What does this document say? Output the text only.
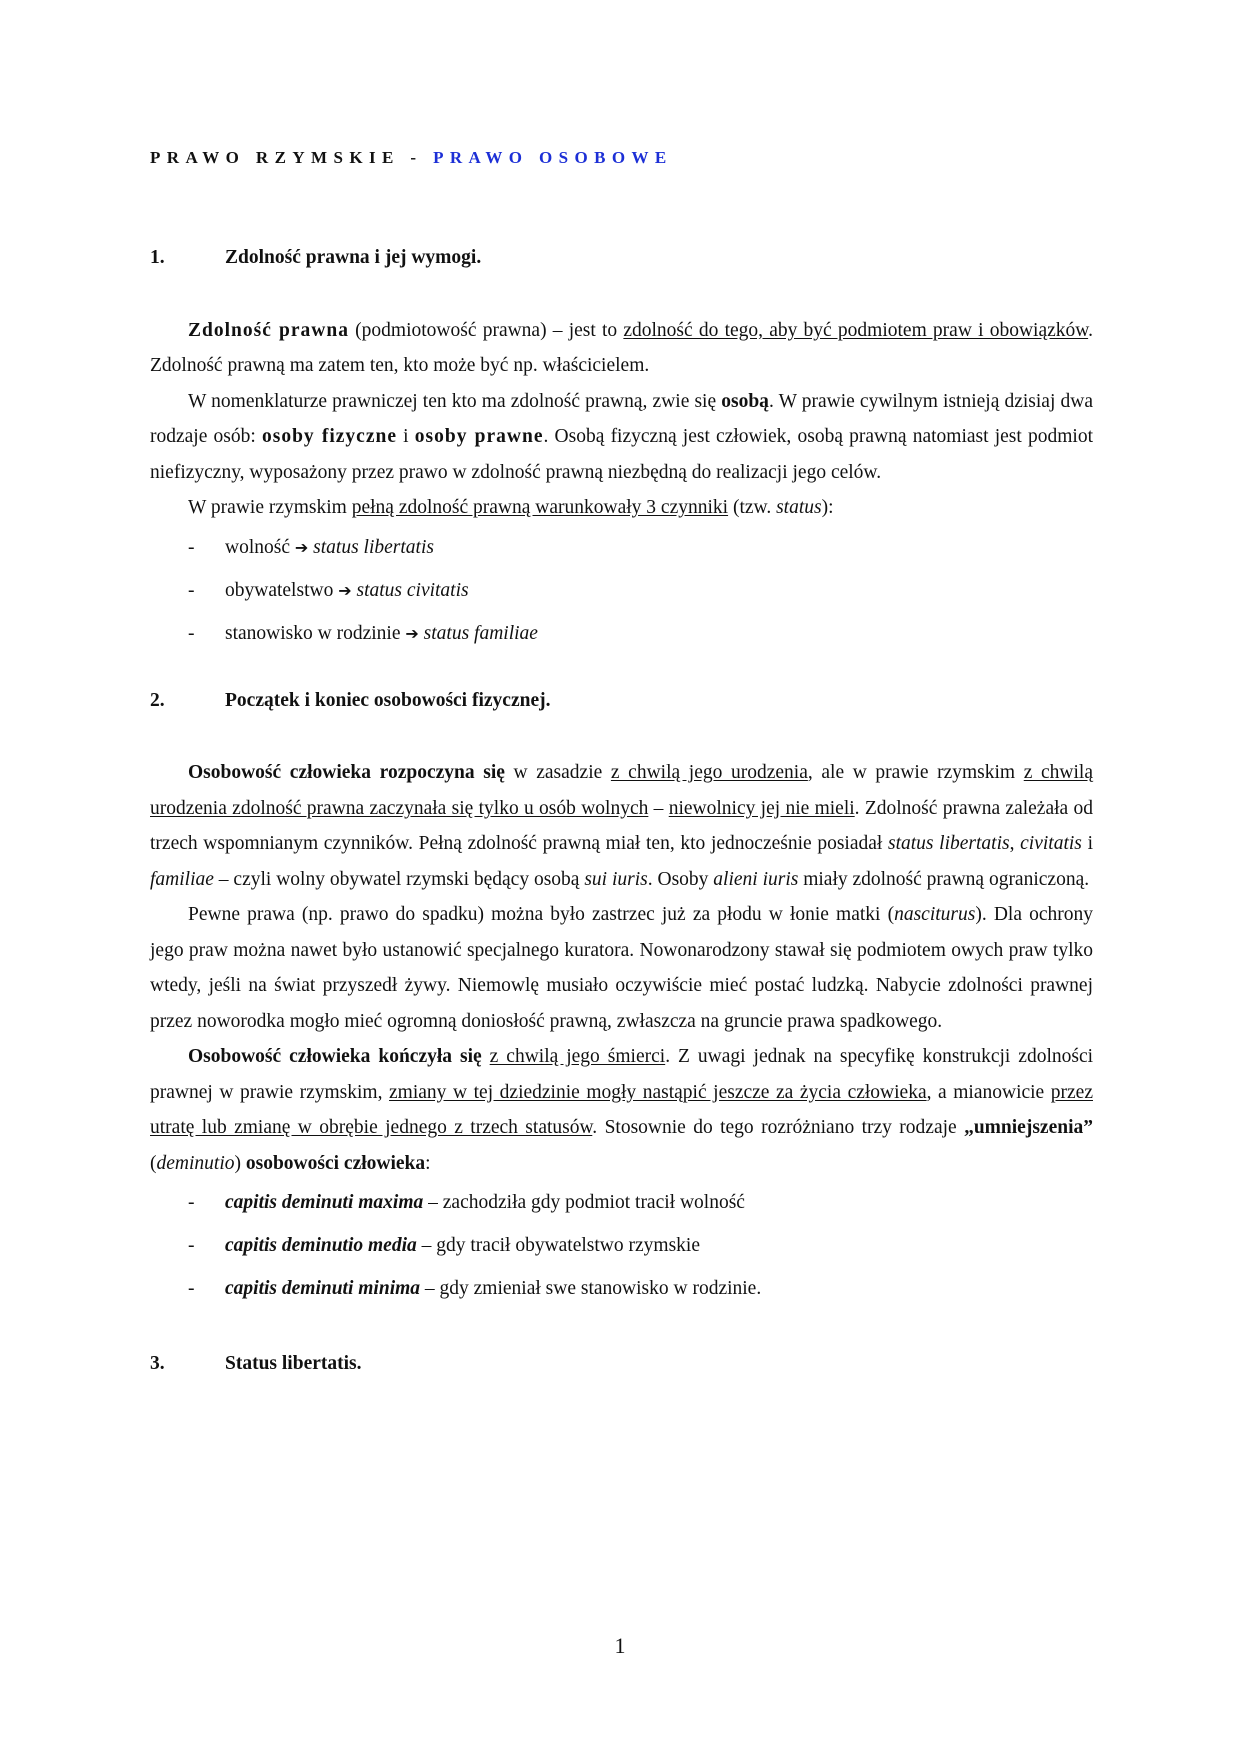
PRAWO RZYMSKIE - PRAWO OSOBOWE
1.	Zdolność prawna i jej wymogi.

Zdolność prawna (podmiotowość prawna) – jest to zdolność do tego, aby być podmiotem praw i obowiązków. Zdolność prawną ma zatem ten, kto może być np. właścicielem.

W nomenklaturze prawniczej ten kto ma zdolność prawną, zwie się osobą. W prawie cywilnym istnieją dzisiaj dwa rodzaje osób: osoby fizyczne i osoby prawne. Osobą fizyczną jest człowiek, osobą prawną natomiast jest podmiot niefizyczny, wyposażony przez prawo w zdolność prawną niezbędną do realizacji jego celów.

W prawie rzymskim pełną zdolność prawną warunkowały 3 czynniki (tzw. status):

-	wolność ➔ status libertatis
-	obywatelstwo ➔ status civitatis
-	stanowisko w rodzinie ➔ status familiae
2.	Początek i koniec osobowości fizycznej.

Osobowość człowieka rozpoczyna się w zasadzie z chwilą jego urodzenia, ale w prawie rzymskim z chwilą urodzenia zdolność prawna zaczynała się tylko u osób wolnych – niewolnicy jej nie mieli. Zdolność prawna zależała od trzech wspomnianym czynników. Pełną zdolność prawną miał ten, kto jednocześnie posiadał status libertatis, civitatis i familiae – czyli wolny obywatel rzymski będący osobą sui iuris. Osoby alieni iuris miały zdolność prawną ograniczoną.

Pewne prawa (np. prawo do spadku) można było zastrzec już za płodu w łonie matki (nasciturus). Dla ochrony jego praw można nawet było ustanowić specjalnego kuratora. Nowonarodzony stawał się podmiotem owych praw tylko wtedy, jeśli na świat przyszedł żywy. Niemowlę musiało oczywiście mieć postać ludzką. Nabycie zdolności prawnej przez noworodka mogło mieć ogromną doniosłość prawną, zwłaszcza na gruncie prawa spadkowego.

Osobowość człowieka kończyła się z chwilą jego śmierci. Z uwagi jednak na specyfikę konstrukcji zdolności prawnej w prawie rzymskim, zmiany w tej dziedzinie mogły nastąpić jeszcze za życia człowieka, a mianowicie przez utratę lub zmianę w obrębie jednego z trzech statusów. Stosownie do tego rozróżniano trzy rodzaje „umniejszenia” (deminutio) osobowości człowieka:

-	capitis deminuti maxima – zachodziła gdy podmiot tracił wolność
-	capitis deminutio media – gdy tracił obywatelstwo rzymskie
-	capitis deminuti minima – gdy zmieniał swe stanowisko w rodzinie.
3.	Status libertatis.
1
